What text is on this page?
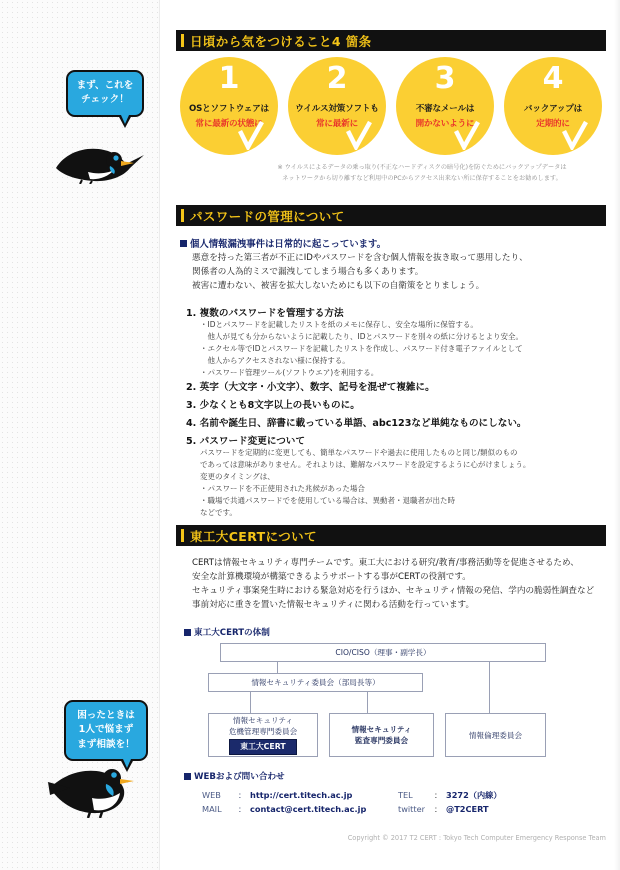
まず、これを
チェック！
日頃から気をつけること4 箇条
1
OSとソフトウェアは
常に最新の状態に
2
ウイルス対策ソフトも
常に最新に
3
不審なメールは
開かないように
4
バックアップは
定期的に
※ ウイルスによるデータの乗っ取り(不正なハードディスクの暗号化)を防ぐためにバックアップデータは
ネットワークから切り離すなど利用中のPCからアクセス出来ない所に保存することをお勧めします。
パスワードの管理について
個人情報漏洩事件は日常的に起こっています。
悪意を持った第三者が不正にIDやパスワードを含む個人情報を抜き取って悪用したり、
関係者の人為的ミスで漏洩してしまう場合も多くあります。
被害に遭わない、被害を拡大しないためにも以下の自衛策をとりましょう。
1. 複数のパスワードを管理する方法
・IDとパスワードを記載したリストを紙のメモに保存し、安全な場所に保管する。
　他人が見ても分からないように記載したり、IDとパスワードを別々の紙に分けるとより安全。
・エクセル等でIDとパスワードを記載したリストを作成し、パスワード付き電子ファイルとして
　他人からアクセスされない様に保持する。
・パスワード管理ツール(ソフトウエア)を利用する。
2. 英字（大文字・小文字）、数字、記号を混ぜて複雑に。
3. 少なくとも8文字以上の長いものに。
4. 名前や誕生日、辞書に載っている単語、abc123など単純なものにしない。
5. パスワード変更について
パスワードを定期的に変更しても、簡単なパスワードや過去に使用したものと同じ/類似のもの
であっては意味がありません。それよりは、難解なパスワードを設定するように心がけましょう。
変更のタイミングは、
・パスワードを不正使用された兆候があった場合
・職場で共通パスワードでを使用している場合は、異動者・退職者が出た時
などです。
東工大CERTについて
CERTは情報セキュリティ専門チームです。東工大における研究/教育/事務活動等を促進させるため、
安全な計算機環境が構築できるようサポートする事がCERTの役割です。
セキュリティ事案発生時における緊急対応を行うほか、セキュリティ情報の発信、学内の脆弱性調査など
事前対応に重きを置いた情報セキュリティに関わる活動を行っています。
東工大CERTの体制
CIO/CISO（理事・副学長）
情報セキュリティ委員会（部局長等）
情報セキュリティ
危機管理専門委員会
東工大CERT
情報セキュリティ
監査専門委員会
情報倫理委員会
WEBおよび問い合わせ
WEB	： http://cert.titech.ac.jp
MAIL	： contact@cert.titech.ac.jp
TEL	： 3272（内線）
twitter	： @T2CERT
Copyright © 2017 T2 CERT : Tokyo Tech Computer Emergency Response Team
困ったときは
1人で悩まず
まず相談を！
